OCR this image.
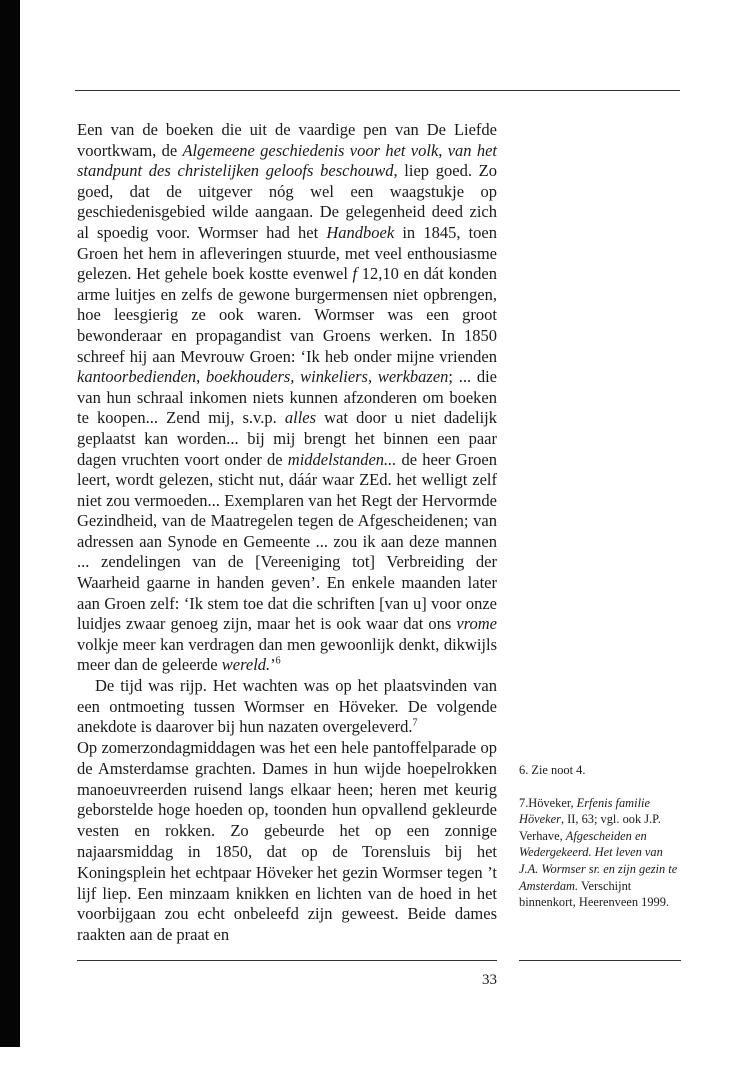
Een van de boeken die uit de vaardige pen van De Liefde voortkwam, de Algemeene geschiedenis voor het volk, van het standpunt des christelijken geloofs beschouwd, liep goed. Zo goed, dat de uitgever nóg wel een waagstukje op geschiedenisgebied wilde aangaan. De gelegenheid deed zich al spoedig voor. Wormser had het Handboek in 1845, toen Groen het hem in afleveringen stuurde, met veel enthousiasme gelezen. Het gehele boek kostte evenwel f 12,10 en dát konden arme luitjes en zelfs de gewone burgermensen niet opbrengen, hoe leesgierig ze ook waren. Wormser was een groot bewonderaar en propagandist van Groens werken. In 1850 schreef hij aan Mevrouw Groen: ‘Ik heb onder mijne vrienden kantoorbedienden, boekhouders, winkeliers, werkbazen; ... die van hun schraal inkomen niets kunnen afzonderen om boeken te koopen... Zend mij, s.v.p. alles wat door u niet dadelijk geplaatst kan worden... bij mij brengt het binnen een paar dagen vruchten voort onder de middelstanden... de heer Groen leert, wordt gelezen, sticht nut, dáár waar ZEd. het welligt zelf niet zou vermoeden... Exemplaren van het Regt der Hervormde Gezindheid, van de Maatregelen tegen de Afgescheidenen; van adressen aan Synode en Gemeente ... zou ik aan deze mannen ... zendelingen van de [Vereeniging tot] Verbreiding der Waarheid gaarne in handen geven’. En enkele maanden later aan Groen zelf: ‘Ik stem toe dat die schriften [van u] voor onze luidjes zwaar genoeg zijn, maar het is ook waar dat ons vrome volkje meer kan verdragen dan men gewoonlijk denkt, dikwijls meer dan de geleerde wereld.’$^6$

De tijd was rijp. Het wachten was op het plaatsvinden van een ontmoeting tussen Wormser en Höveker. De volgende anekdote is daarover bij hun nazaten overgeleverd.$^7$

Op zomerzondagmiddagen was het een hele pantoffelparade op de Amsterdamse grachten. Dames in hun wijde hoepelrokken manoeuvreerden ruisend langs elkaar heen; heren met keurig geborstelde hoge hoeden op, toonden hun opvallend gekleurde vesten en rokken. Zo gebeurde het op een zonnige najaarsmiddag in 1850, dat op de Torensluis bij het Koningsplein het echtpaar Höveker het gezin Wormser tegen ’t lijf liep. Een minzaam knikken en lichten van de hoed in het voorbijgaan zou echt onbeleefd zijn geweest. Beide dames raakten aan de praat en

6. Zie noot 4.

7.Höveker, Erfenis familie Höveker, II, 63; vgl. ook J.P. Verhave, Afgescheiden en Wedergekeerd. Het leven van J.A. Wormser sr. en zijn gezin te Amsterdam. Verschijnt binnenkort, Heerenveen 1999.

33
